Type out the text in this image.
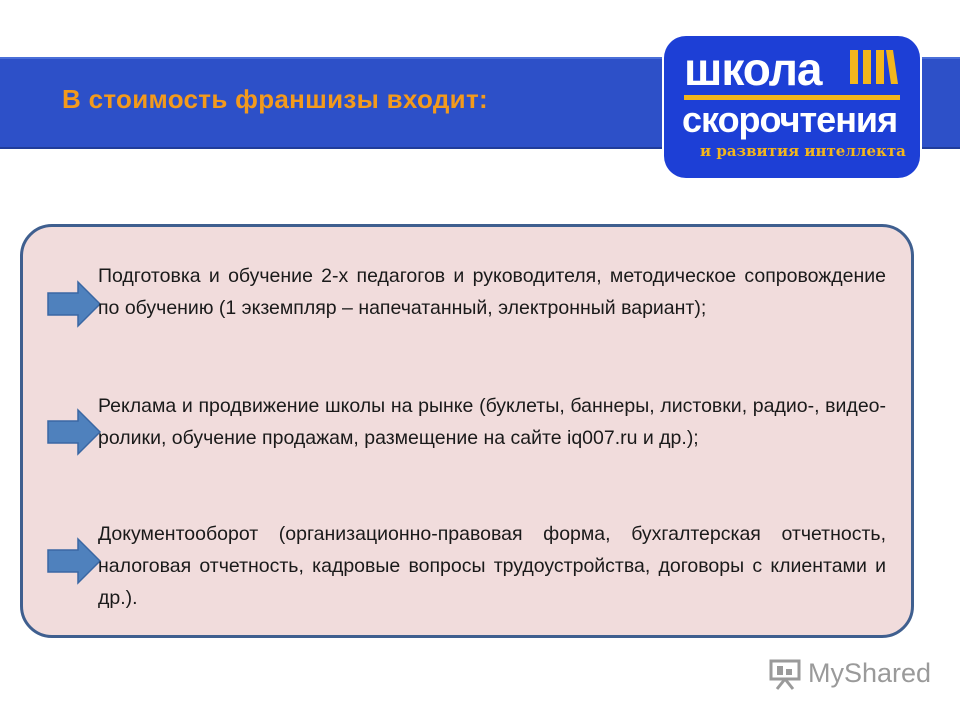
В стоимость франшизы входит:
школа
скорочтения
и развития интеллекта
Подготовка и обучение 2-х педагогов и руководителя, методическое сопровождение по обучению (1 экземпляр – напечатанный, электронный вариант);
Реклама и продвижение школы на рынке (буклеты, баннеры, листовки, радио-, видео-ролики, обучение продажам, размещение на сайте iq007.ru и др.);
Документооборот (организационно-правовая форма, бухгалтерская отчетность, налоговая отчетность, кадровые вопросы трудоустройства, договоры с клиентами и др.).
MyShared
